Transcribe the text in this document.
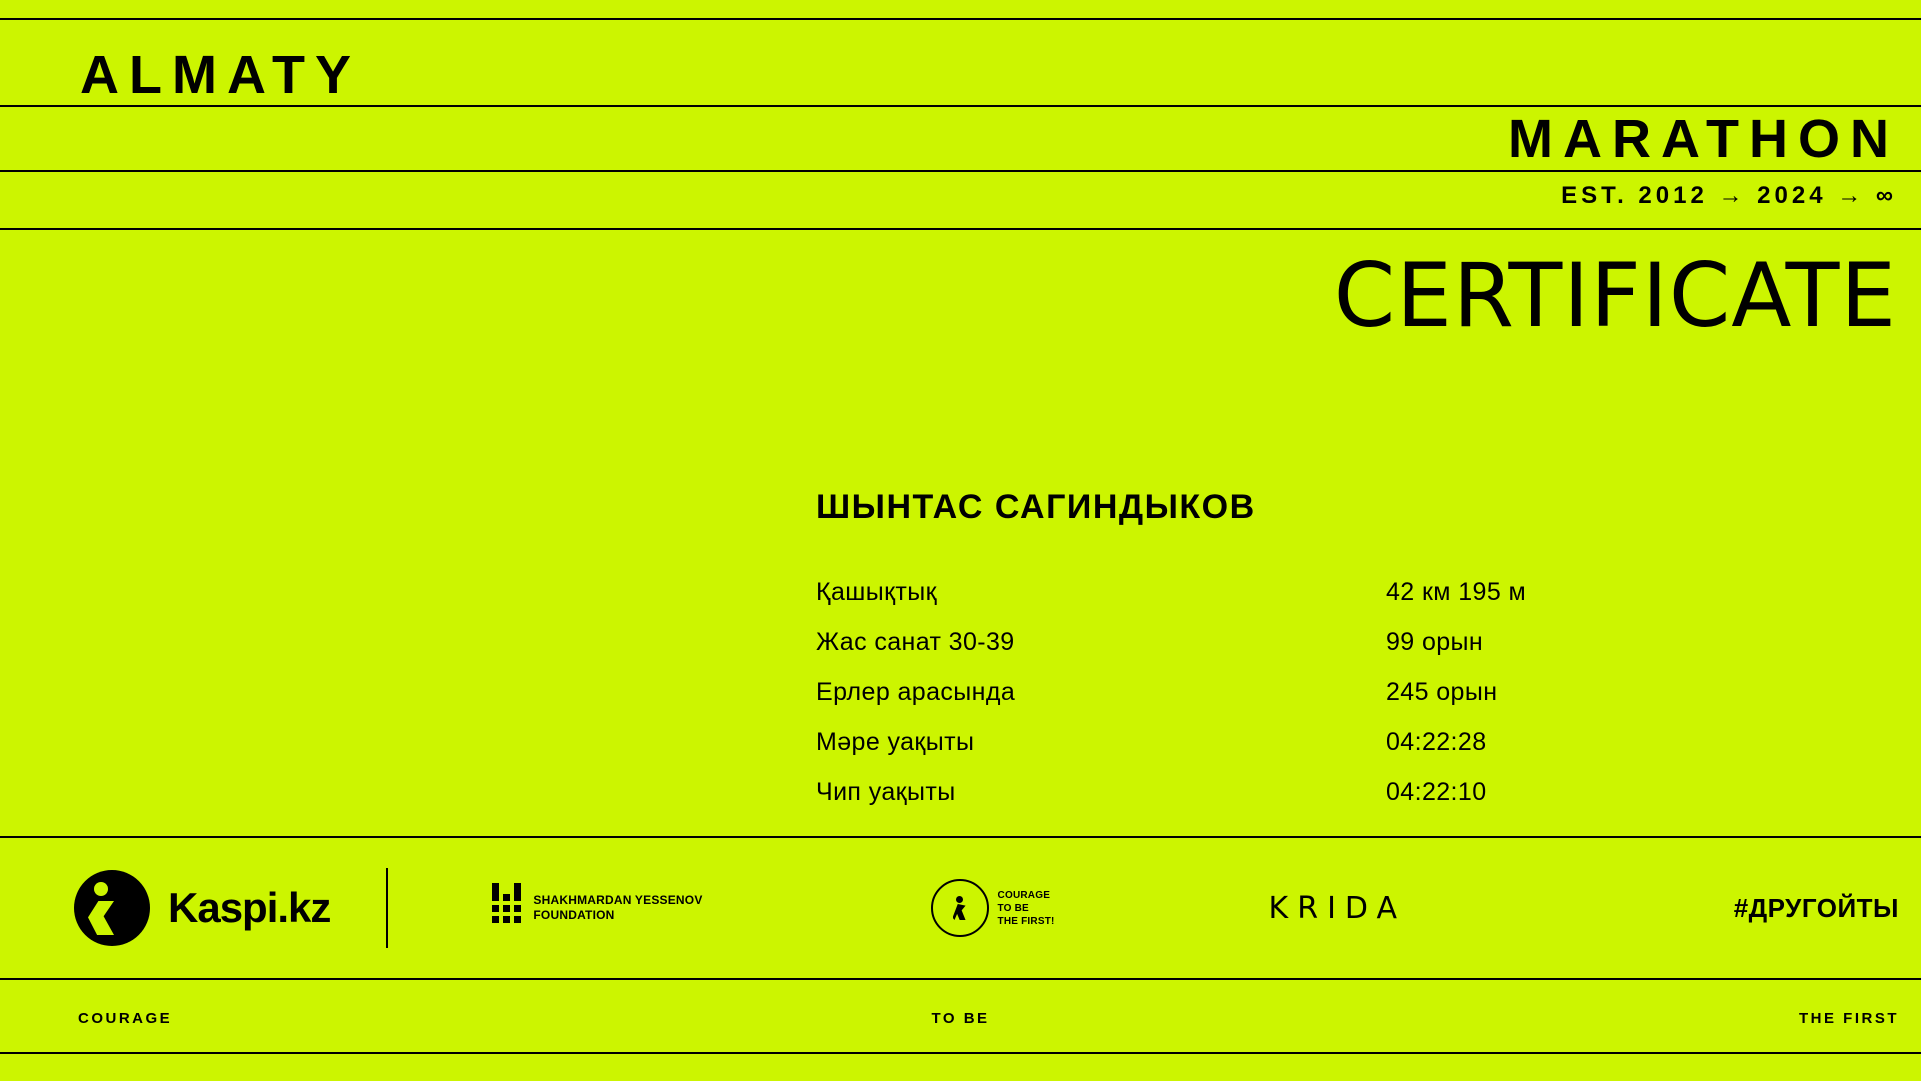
ALMATY
MARATHON
EST. 2012 → 2024 → ∞
CERTIFICATE
ШЫНТАС САГИНДЫКОВ
Қашықтық	42 км 195 м
Жас санат 30-39	99 орын
Ерлер арасында	245 орын
Мәре уақыты	04:22:28
Чип уақыты	04:22:10
Kaspi.kz	SHAKHMARDAN YESSENOV
FOUNDATION
COURAGE
TO BE
THE FIRST!	KRIDA	#ДРУГОЙТЫ
COURAGE	TO BE	THE FIRST
